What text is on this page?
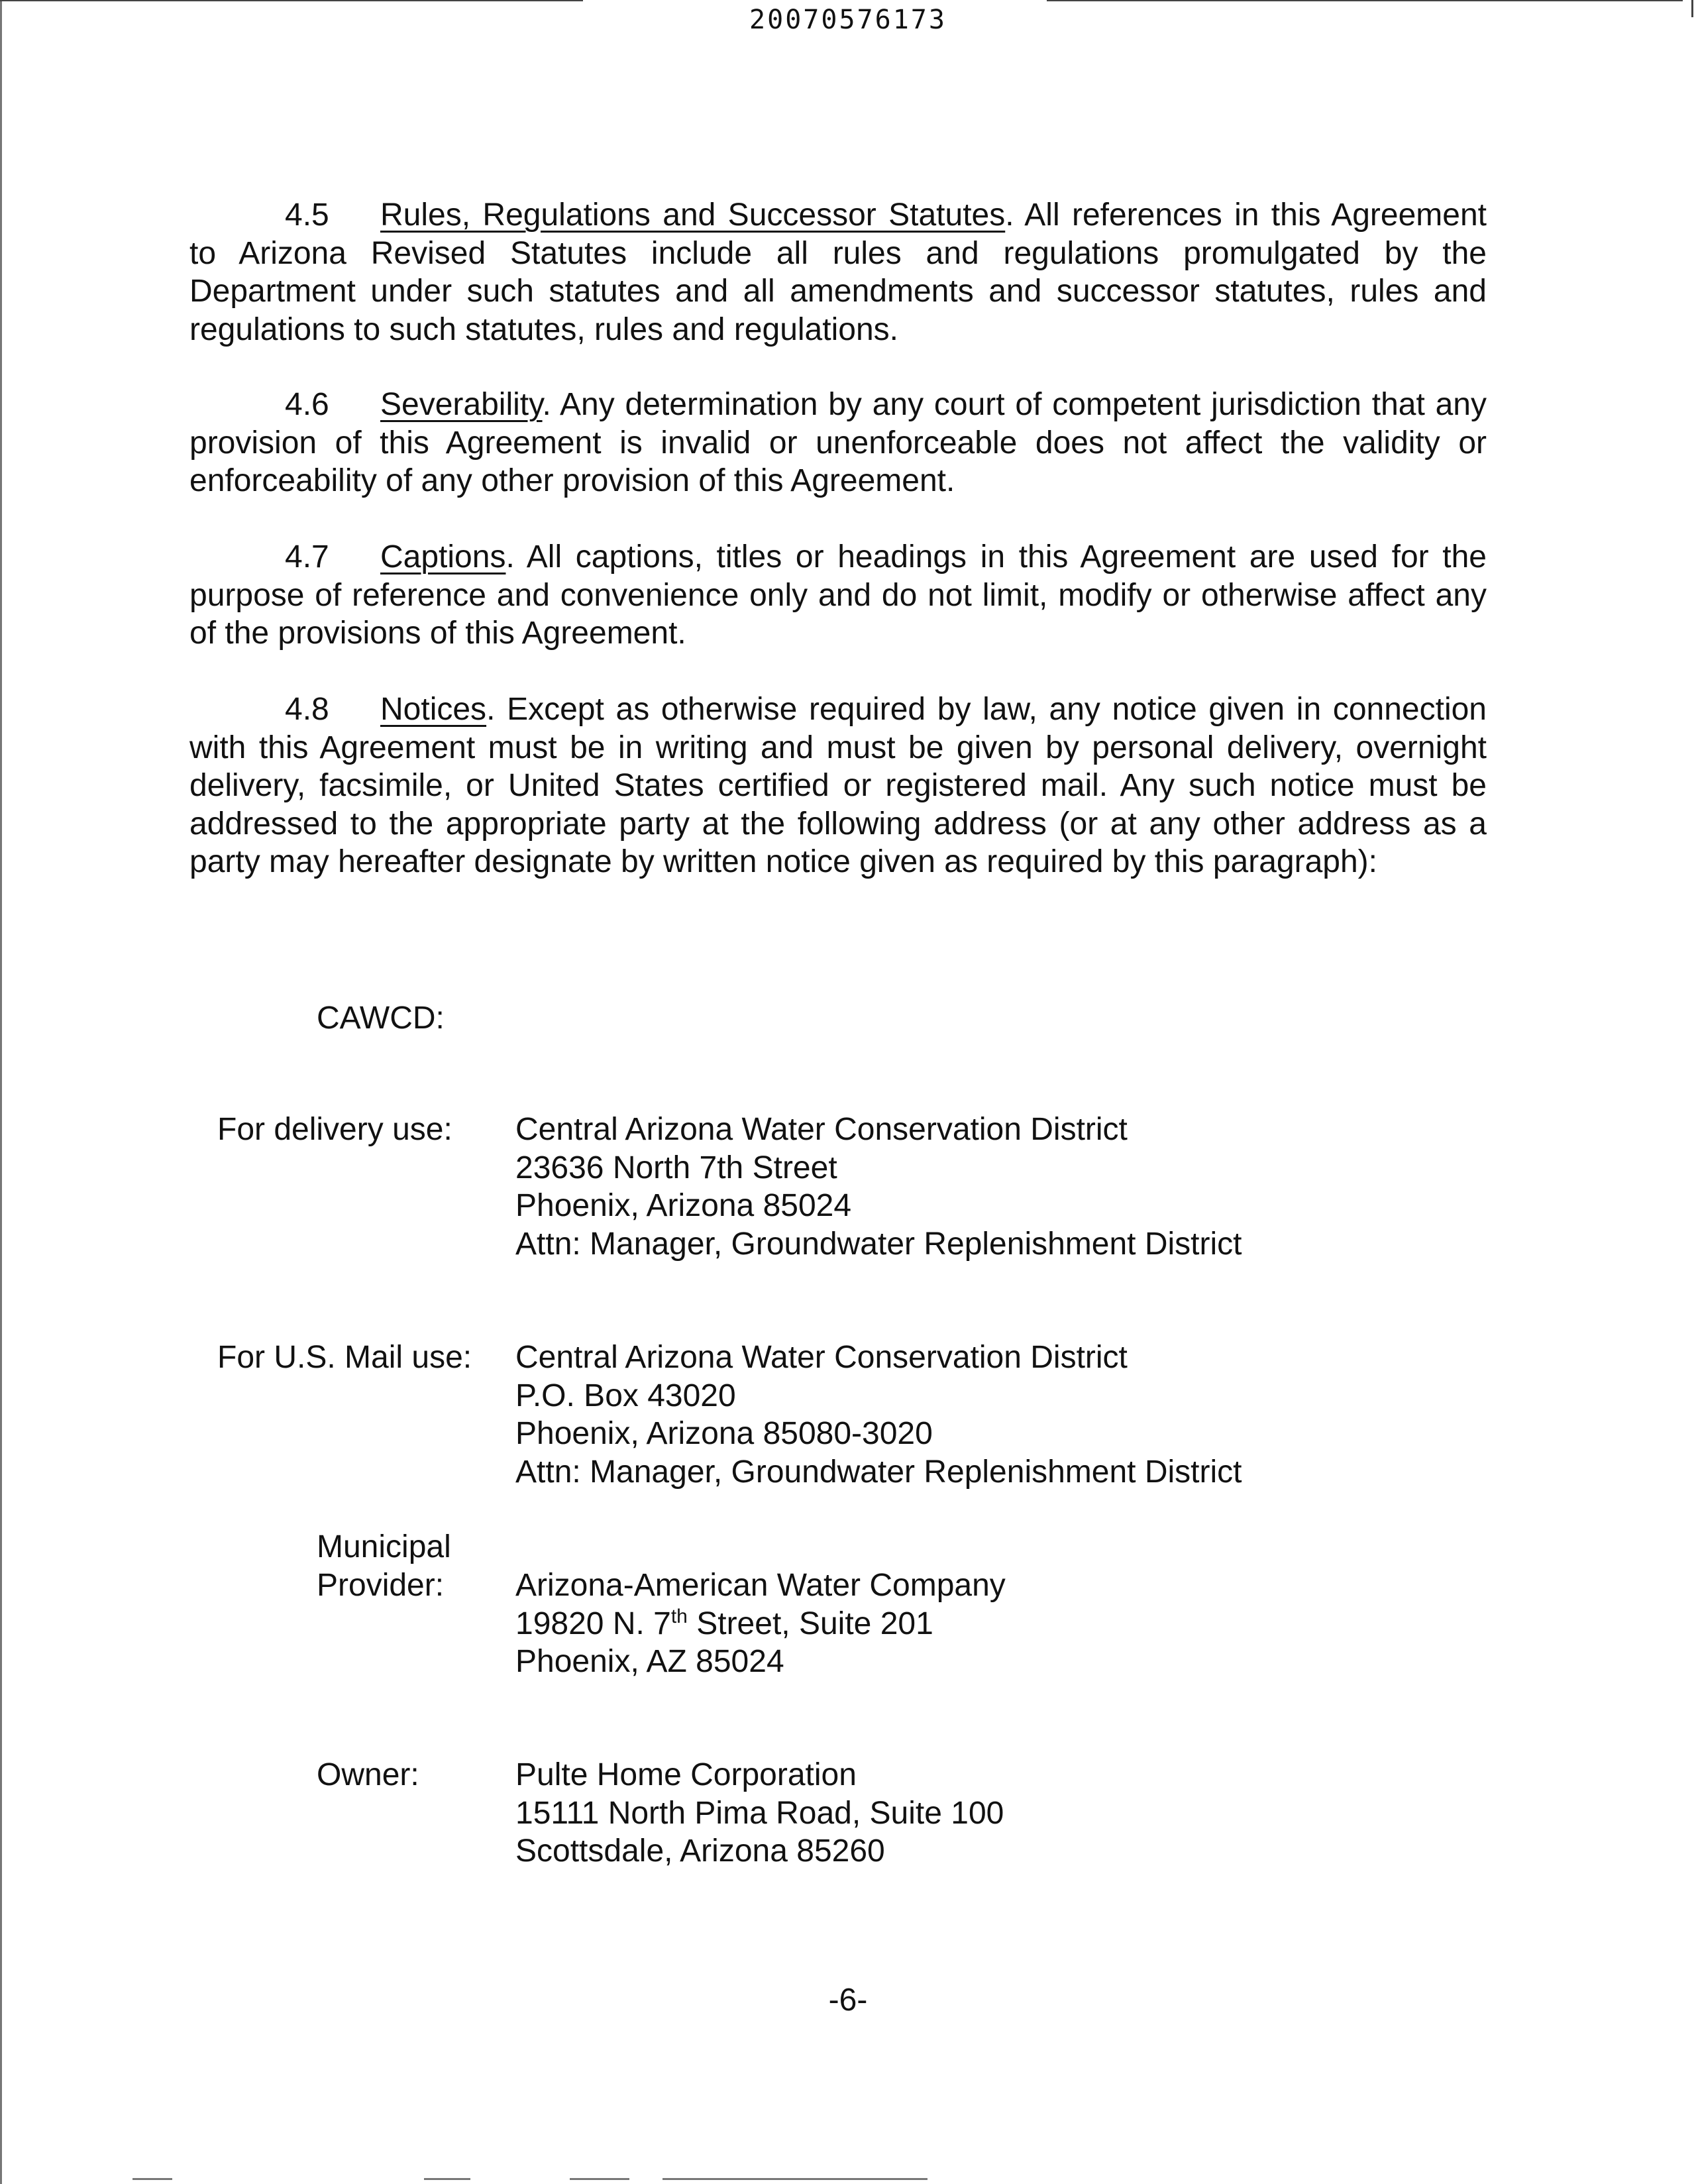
20070576173

4.5 Rules, Regulations and Successor Statutes. All references in this Agreement to Arizona Revised Statutes include all rules and regulations promulgated by the Department under such statutes and all amendments and successor statutes, rules and regulations to such statutes, rules and regulations.

4.6 Severability. Any determination by any court of competent jurisdiction that any provision of this Agreement is invalid or unenforceable does not affect the validity or enforceability of any other provision of this Agreement.

4.7 Captions. All captions, titles or headings in this Agreement are used for the purpose of reference and convenience only and do not limit, modify or otherwise affect any of the provisions of this Agreement.

4.8 Notices. Except as otherwise required by law, any notice given in connection with this Agreement must be in writing and must be given by personal delivery, overnight delivery, facsimile, or United States certified or registered mail. Any such notice must be addressed to the appropriate party at the following address (or at any other address as a party may hereafter designate by written notice given as required by this paragraph):

CAWCD:
For delivery use: Central Arizona Water Conservation District
23636 North 7th Street
Phoenix, Arizona 85024
Attn: Manager, Groundwater Replenishment District
For U.S. Mail use: Central Arizona Water Conservation District
P.O. Box 43020
Phoenix, Arizona 85080-3020
Attn: Manager, Groundwater Replenishment District
Municipal
Provider: Arizona-American Water Company
19820 N. 7th Street, Suite 201
Phoenix, AZ 85024
Owner:	Pulte Home Corporation
15111 North Pima Road, Suite 100
Scottsdale, Arizona 85260
-6-
